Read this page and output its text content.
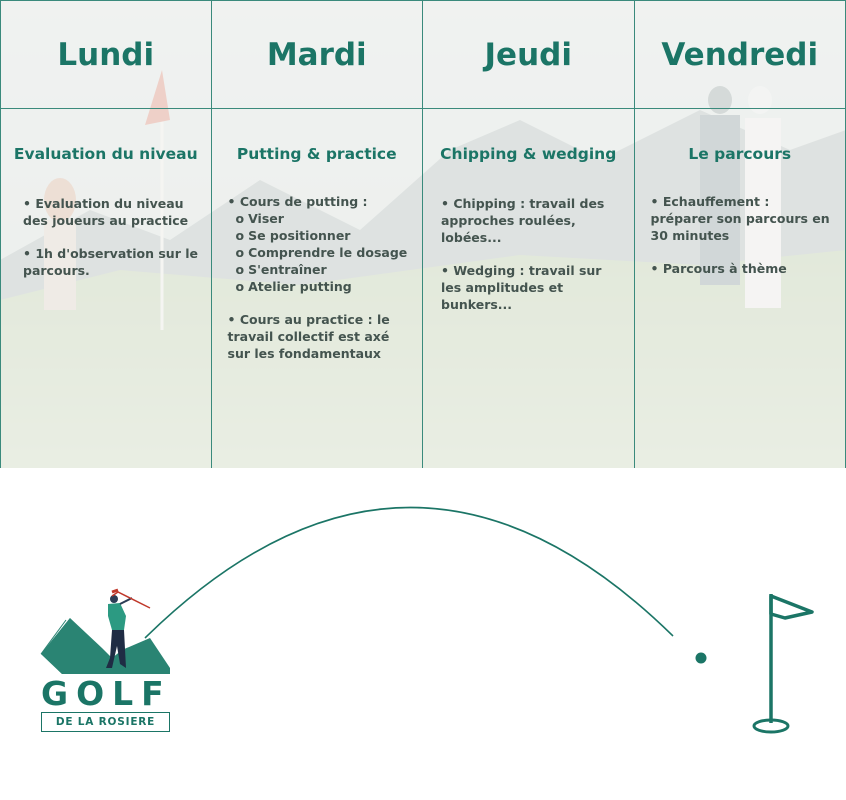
Lundi
Evaluation du niveau

• Evaluation du niveau des joueurs au practice

• 1h d'observation sur le parcours.

Mardi
Putting & practice
• Cours de putting :
o Viser
o Se positionner
o Comprendre le dosage
o S'entraîner
o Atelier putting

• Cours au practice : le travail collectif est axé sur les fondamentaux

Jeudi
Chipping & wedging

• Chipping : travail des approches roulées, lobées...

• Wedging : travail sur les amplitudes et bunkers...

Vendredi
Le parcours

• Echauffement : préparer son parcours en 30 minutes

• Parcours à thème

GOLF
DE LA ROSIERE
